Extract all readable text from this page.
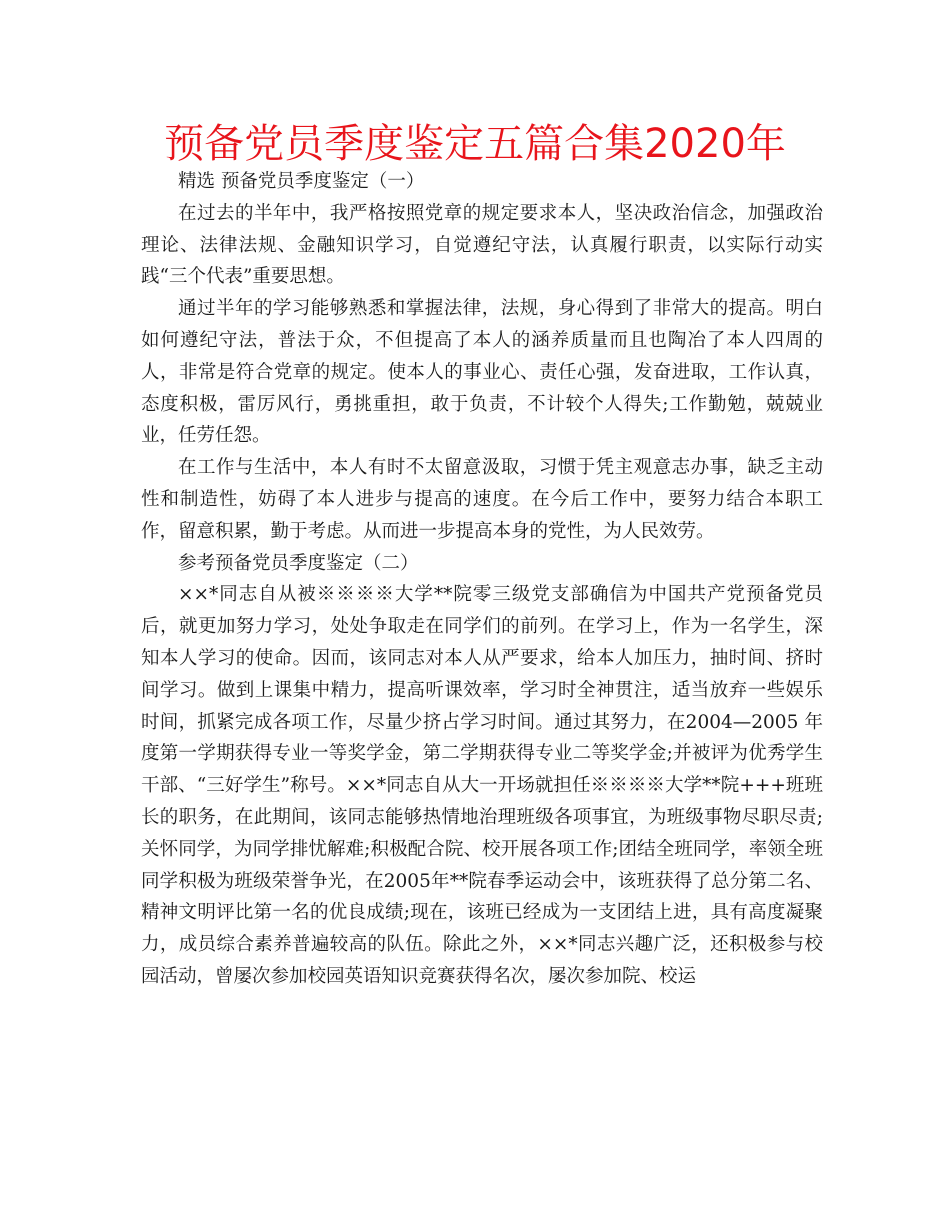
预备党员季度鉴定五篇合集2020年

精选 预备党员季度鉴定（一）

在过去的半年中，我严格按照党章的规定要求本人，坚决政治信念，加强政治理论、法律法规、金融知识学习，自觉遵纪守法，认真履行职责，以实际行动实践“三个代表”重要思想。

通过半年的学习能够熟悉和掌握法律，法规，身心得到了非常大的提高。明白如何遵纪守法，普法于众，不但提高了本人的涵养质量而且也陶冶了本人四周的人，非常是符合党章的规定。使本人的事业心、责任心强，发奋进取，工作认真，态度积极，雷厉风行，勇挑重担，敢于负责，不计较个人得失;工作勤勉，兢兢业业，任劳任怨。

在工作与生活中，本人有时不太留意汲取，习惯于凭主观意志办事，缺乏主动性和制造性，妨碍了本人进步与提高的速度。在今后工作中，要努力结合本职工作，留意积累，勤于考虑。从而进一步提高本身的党性，为人民效劳。

参考预备党员季度鉴定（二）

××*同志自从被※※※※大学**院零三级党支部确信为中国共产党预备党员后，就更加努力学习，处处争取走在同学们的前列。在学习上，作为一名学生，深知本人学习的使命。因而，该同志对本人从严要求，给本人加压力，抽时间、挤时间学习。做到上课集中精力，提高听课效率，学习时全神贯注，适当放弃一些娱乐时间，抓紧完成各项工作，尽量少挤占学习时间。通过其努力，在2004—2005 年度第一学期获得专业一等奖学金，第二学期获得专业二等奖学金;并被评为优秀学生干部、“三好学生”称号。××*同志自从大一开场就担任※※※※大学**院+++班班长的职务，在此期间，该同志能够热情地治理班级各项事宜，为班级事物尽职尽责;关怀同学，为同学排忧解难;积极配合院、校开展各项工作;团结全班同学，率领全班同学积极为班级荣誉争光，在2005年**院春季运动会中，该班获得了总分第二名、精神文明评比第一名的优良成绩;现在，该班已经成为一支团结上进，具有高度凝聚力，成员综合素养普遍较高的队伍。除此之外，××*同志兴趣广泛，还积极参与校园活动，曾屡次参加校园英语知识竞赛获得名次，屡次参加院、校运
